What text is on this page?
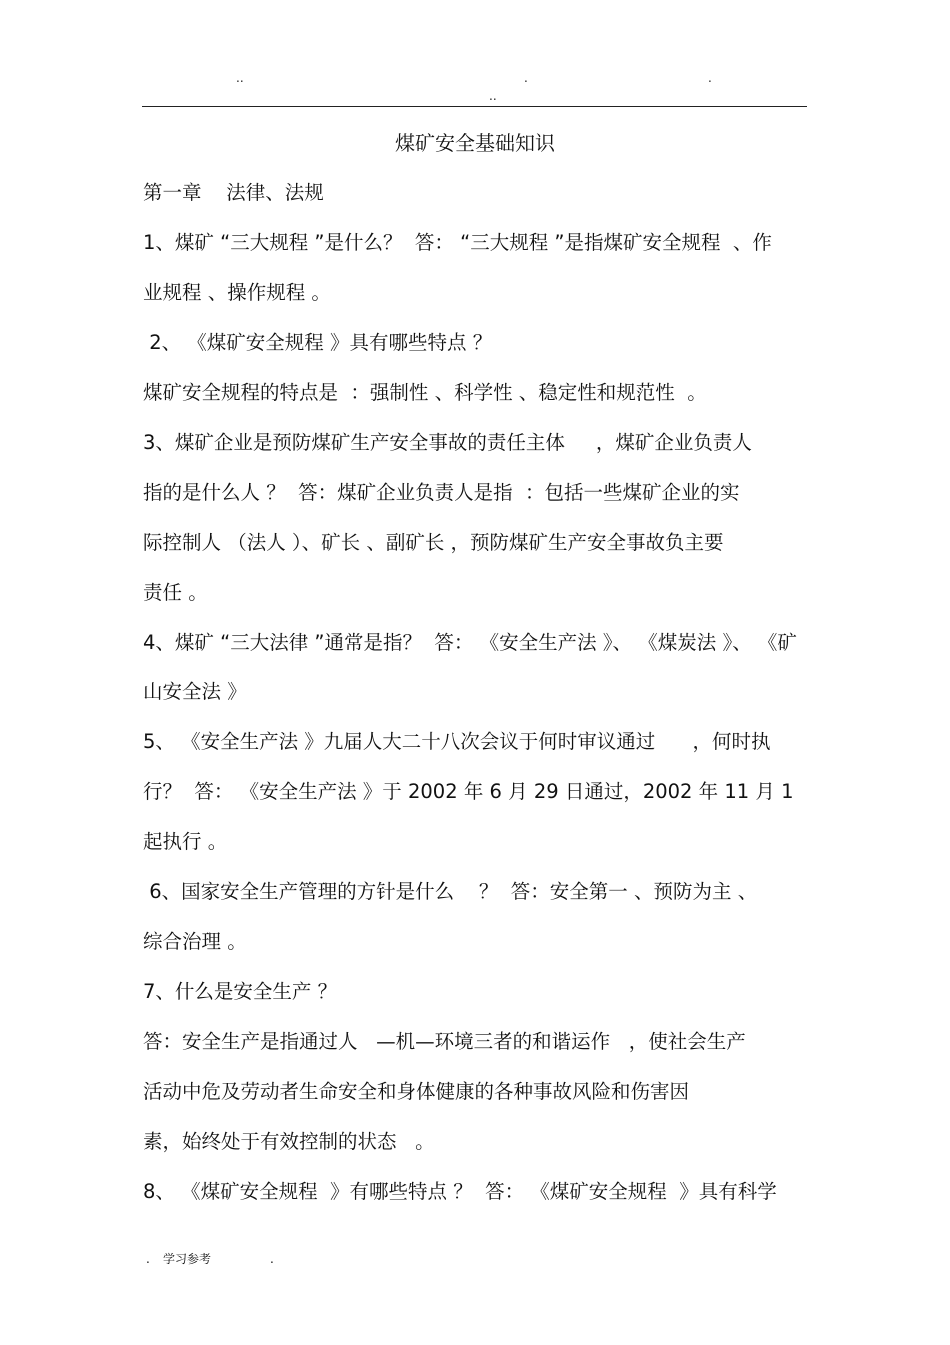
..	.	.
..
煤矿安全基础知识
第一章    法律、法规
1、煤矿 “三大规程 ”是什么？  答： “三大规程 ”是指煤矿安全规程  、作
业规程 、操作规程 。
2、 《煤矿安全规程 》具有哪些特点 ？
煤矿安全规程的特点是  ：强制性 、科学性 、稳定性和规范性  。
3、煤矿企业是预防煤矿生产安全事故的责任主体     ，煤矿企业负责人
指的是什么人 ？  答：煤矿企业负责人是指  ：包括一些煤矿企业的实
际控制人 （法人 ）、矿长 、副矿长 ，预防煤矿生产安全事故负主要
责任 。
4、煤矿 “三大法律 ”通常是指？  答： 《安全生产法 》、 《煤炭法 》、 《矿
山安全法 》
5、 《安全生产法 》九届人大二十八次会议于何时审议通过      ，何时执
行？  答： 《安全生产法 》于 2002 年 6 月 29 日通过，2002 年 11 月 1
起执行 。
6、国家安全生产管理的方针是什么    ？  答：安全第一 、预防为主 、
综合治理 。
7、什么是安全生产 ？
答：安全生产是指通过人   —机—环境三者的和谐运作   ，使社会生产
活动中危及劳动者生命安全和身体健康的各种事故风险和伤害因
素，始终处于有效控制的状态   。
8、 《煤矿安全规程  》有哪些特点 ？  答： 《煤矿安全规程  》具有科学
. 学习参考	.
